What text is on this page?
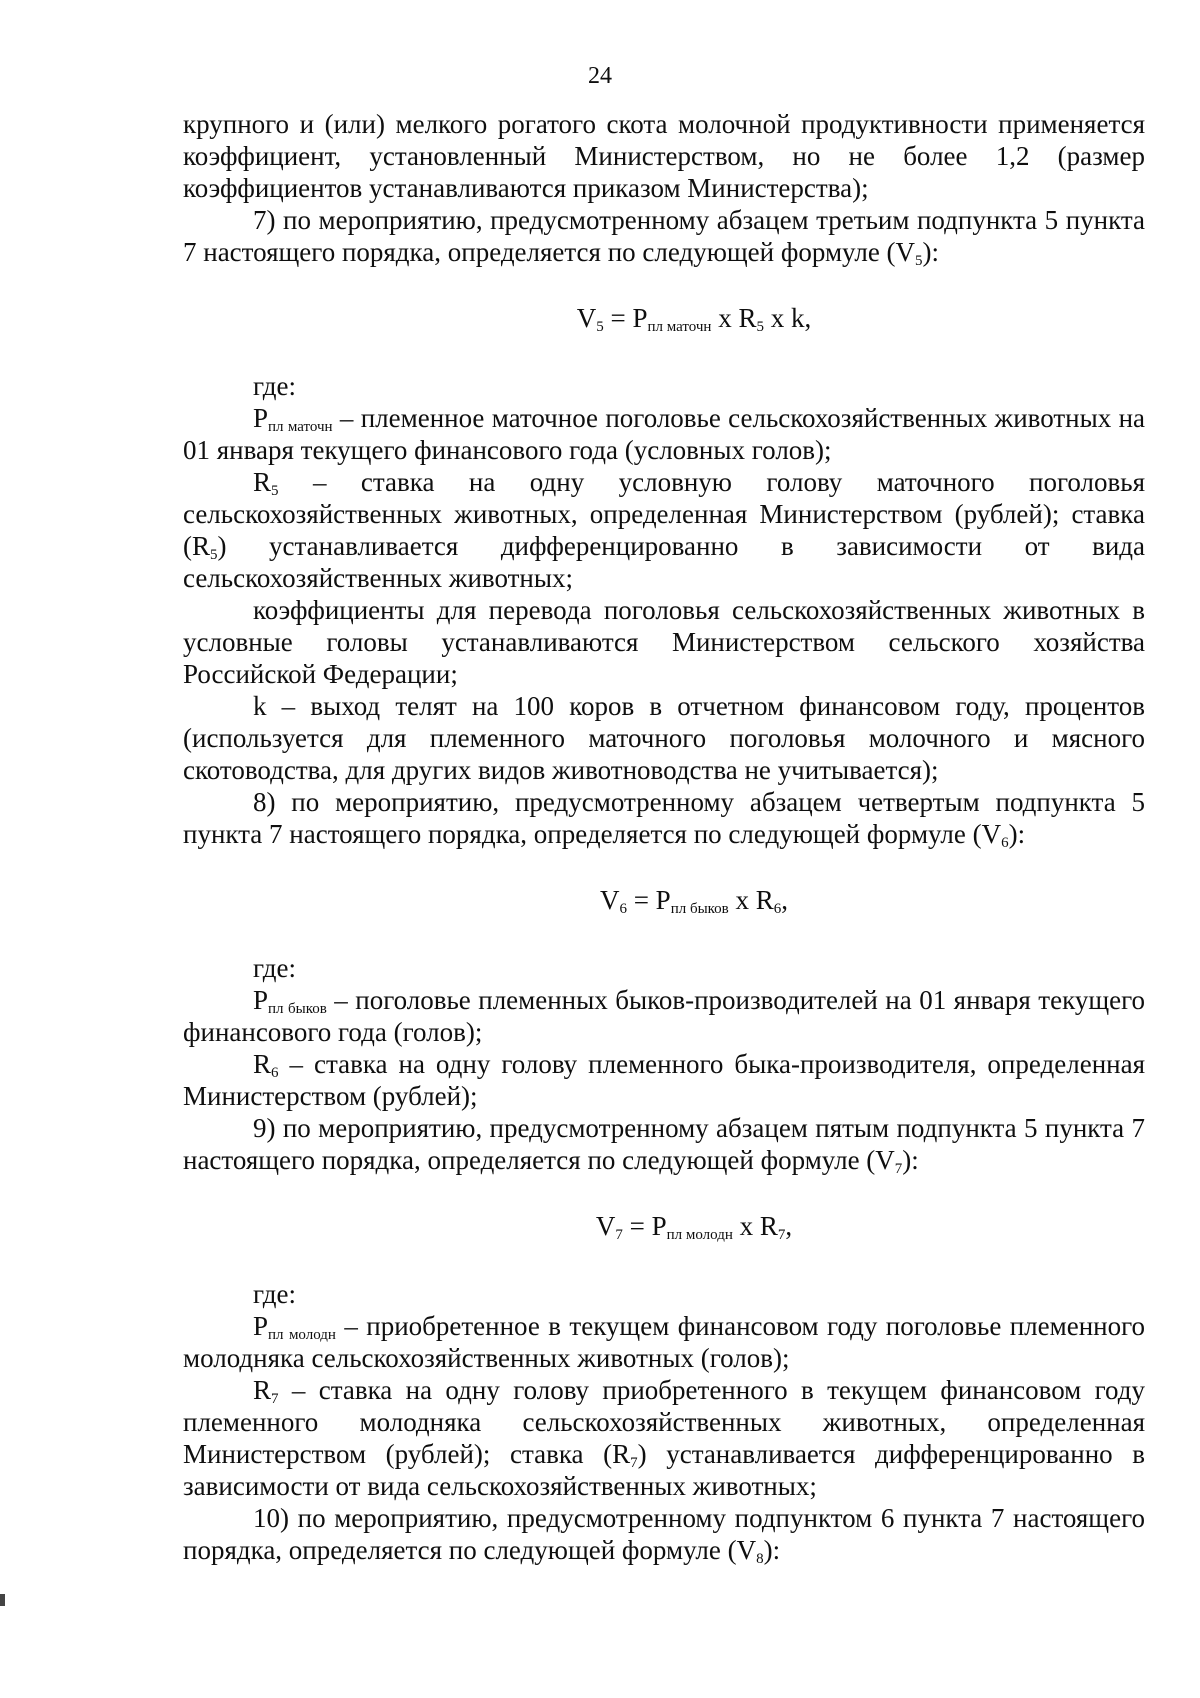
24

крупного и (или) мелкого рогатого скота молочной продуктивности применяется коэффициент, установленный Министерством, но не более 1,2 (размер коэффициентов устанавливаются приказом Министерства);

7) по мероприятию, предусмотренному абзацем третьим подпункта 5 пункта 7 настоящего порядка, определяется по следующей формуле $(V_5)$:

$V_5 = P_{пл маточн}$ x $R_5$ x k,

где:

$P_{пл маточн}$ – племенное маточное поголовье сельскохозяйственных животных на 01 января текущего финансового года (условных голов);

$R_5$ – ставка на одну условную голову маточного поголовья сельскохозяйственных животных, определенная Министерством (рублей); ставка $(R_5)$ устанавливается дифференцированно в зависимости от вида сельскохозяйственных животных;

коэффициенты для перевода поголовья сельскохозяйственных животных в условные головы устанавливаются Министерством сельского хозяйства Российской Федерации;

k – выход телят на 100 коров в отчетном финансовом году, процентов (используется для племенного маточного поголовья молочного и мясного скотоводства, для других видов животноводства не учитывается);

8) по мероприятию, предусмотренному абзацем четвертым подпункта 5 пункта 7 настоящего порядка, определяется по следующей формуле $(V_6)$:

$V_6 = P_{пл быков}$ x $R_6$,

где:

$P_{пл быков}$ – поголовье племенных быков-производителей на 01 января текущего финансового года (голов);

$R_6$ – ставка на одну голову племенного быка-производителя, определенная Министерством (рублей);

9) по мероприятию, предусмотренному абзацем пятым подпункта 5 пункта 7 настоящего порядка, определяется по следующей формуле $(V_7)$:

$V_7 = P_{пл молодн}$ x $R_7$,

где:

$P_{пл молодн}$ – приобретенное в текущем финансовом году поголовье племенного молодняка сельскохозяйственных животных (голов);

$R_7$ – ставка на одну голову приобретенного в текущем финансовом году племенного молодняка сельскохозяйственных животных, определенная Министерством (рублей); ставка $(R_7)$ устанавливается дифференцированно в зависимости от вида сельскохозяйственных животных;

10) по мероприятию, предусмотренному подпунктом 6 пункта 7 настоящего порядка, определяется по следующей формуле $(V_8)$:
